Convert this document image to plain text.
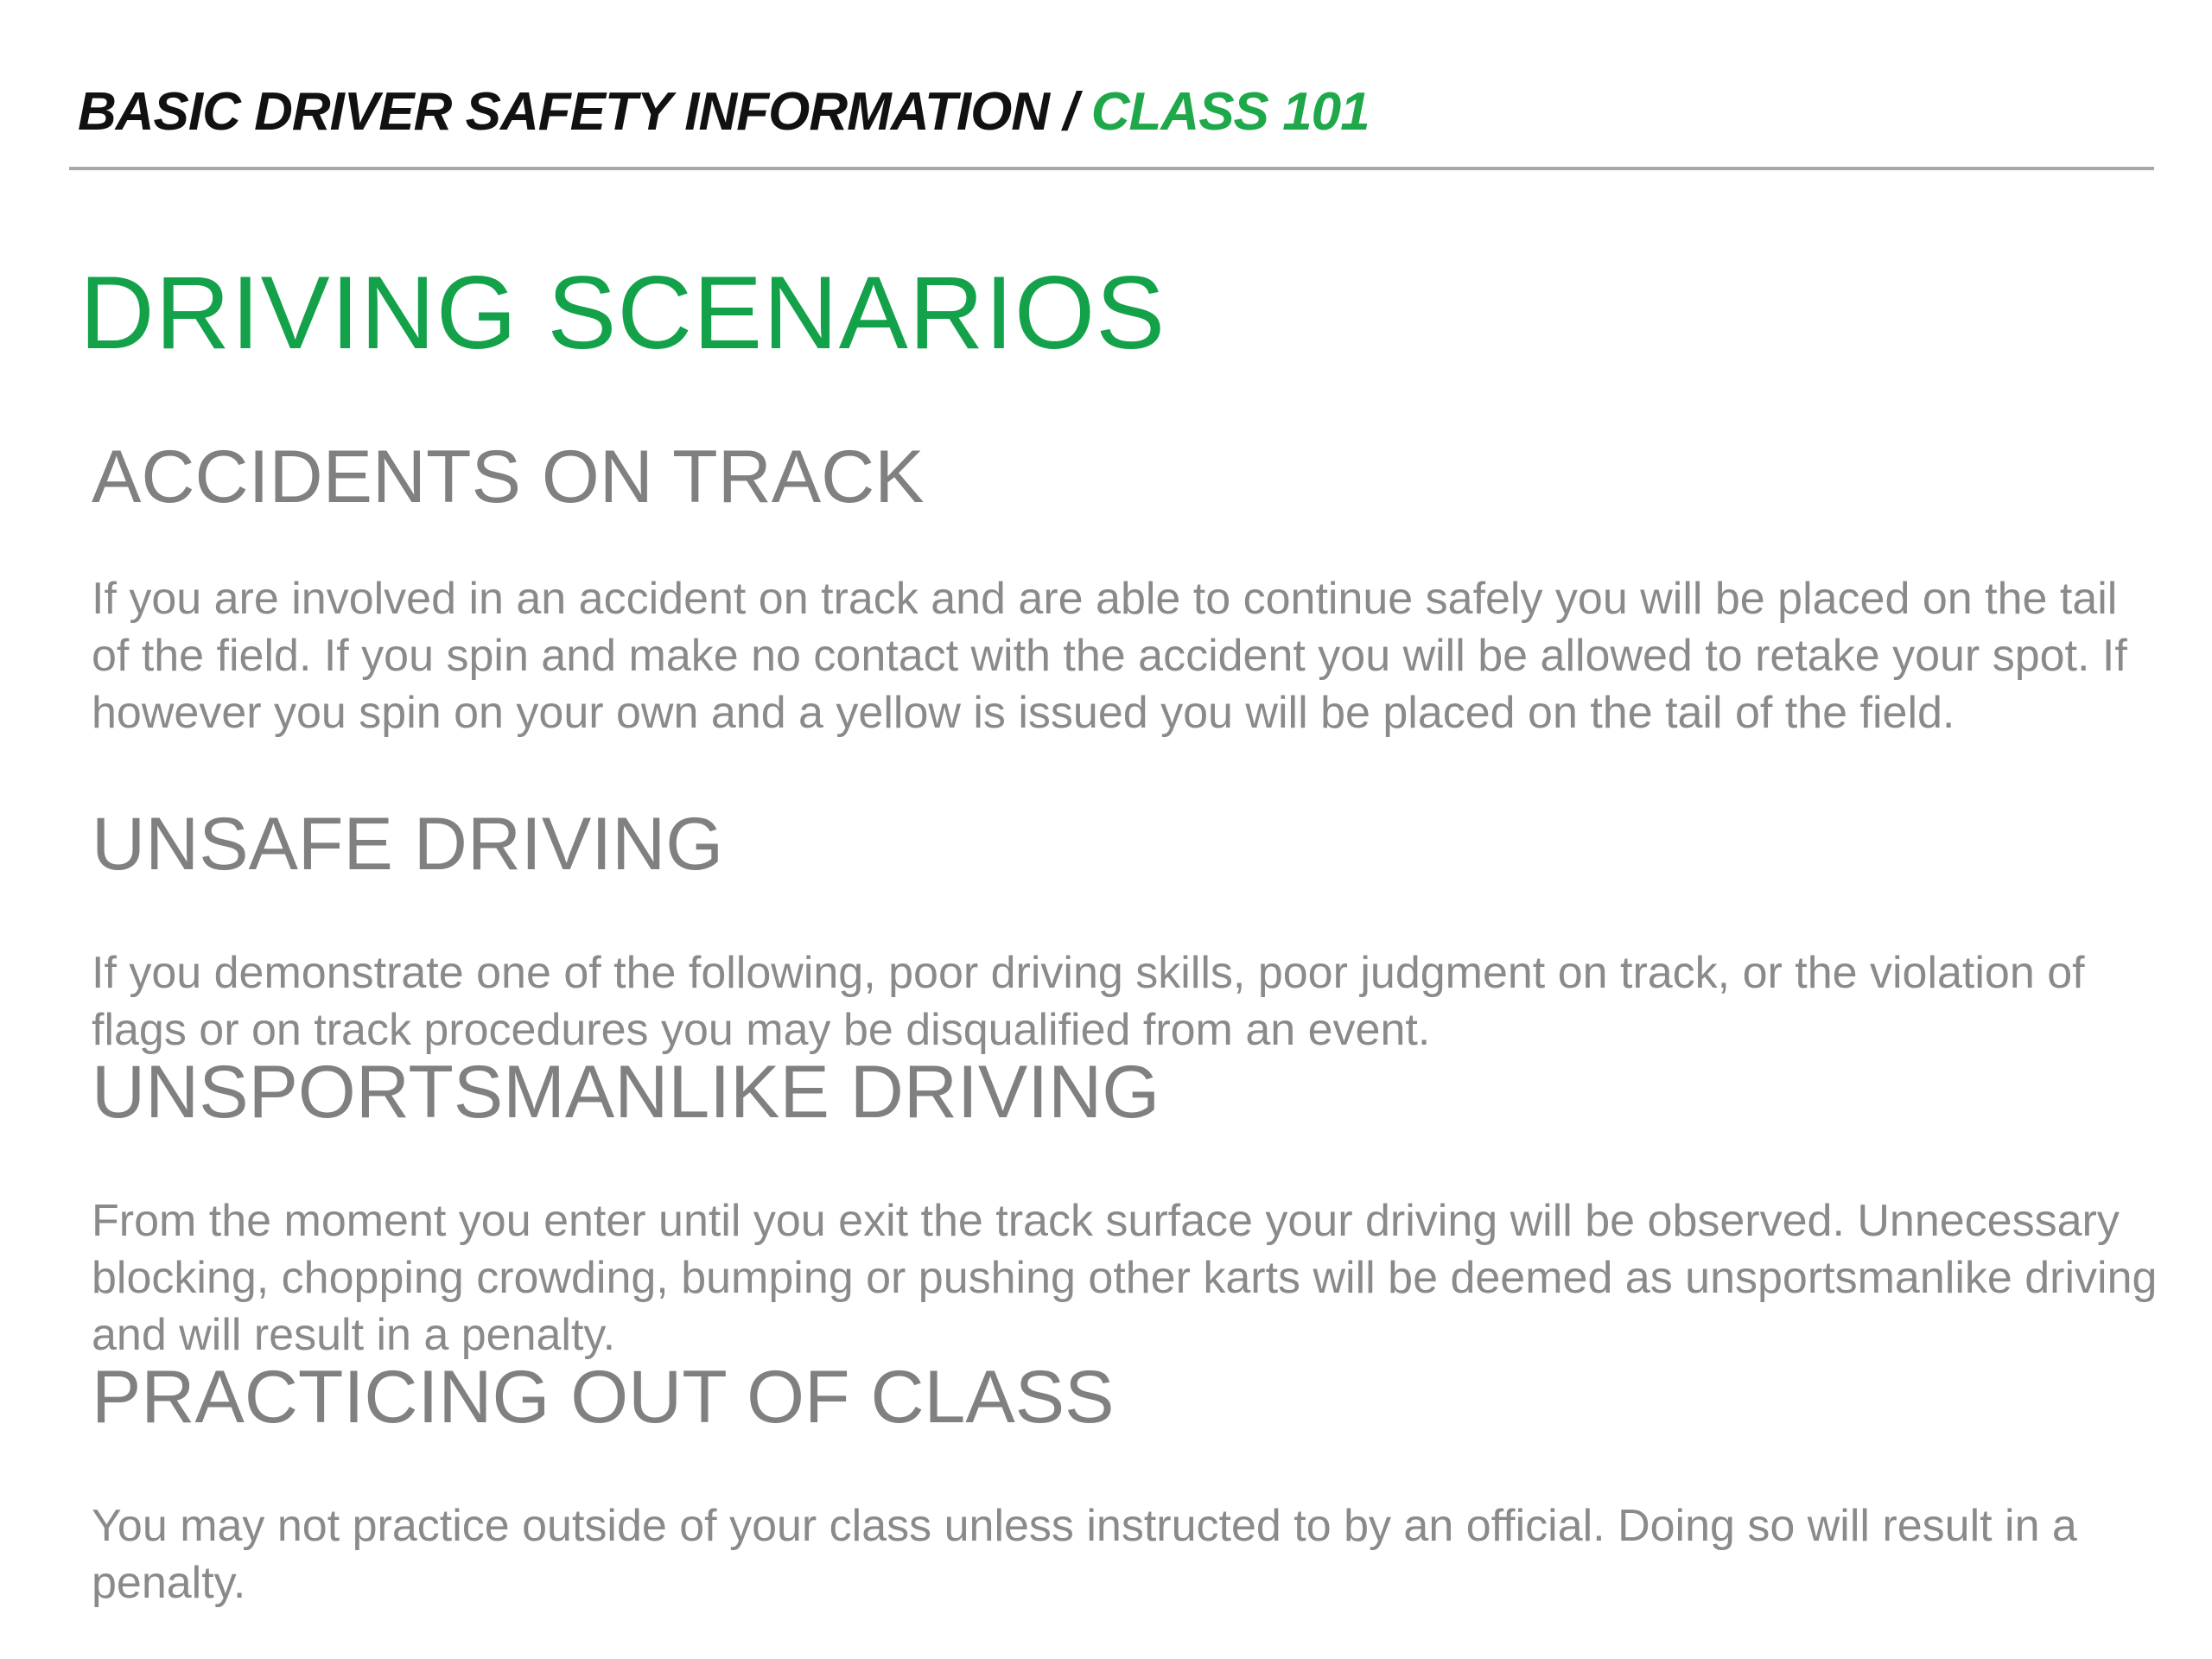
BASIC DRIVER SAFETY INFORMATION / CLASS 101
DRIVING SCENARIOS
ACCIDENTS ON TRACK

If you are involved in an accident on track and are able to continue safely you will be placed on the tail of the field. If you spin and make no contact with the accident you will be allowed to retake your spot. If however you spin on your own and a yellow is issued you will be placed on the tail of the field.

UNSAFE DRIVING

If you demonstrate one of the following, poor driving skills, poor judgment on track, or the violation of flags or on track procedures you may be disqualified from an event.

UNSPORTSMANLIKE DRIVING

From the moment you enter until you exit the track surface your driving will be observed. Unnecessary blocking, chopping crowding, bumping or pushing other karts will be deemed as unsportsmanlike driving and will result in a penalty.

PRACTICING OUT OF CLASS

You may not practice outside of your class unless instructed to by an official. Doing so will result in a penalty.
